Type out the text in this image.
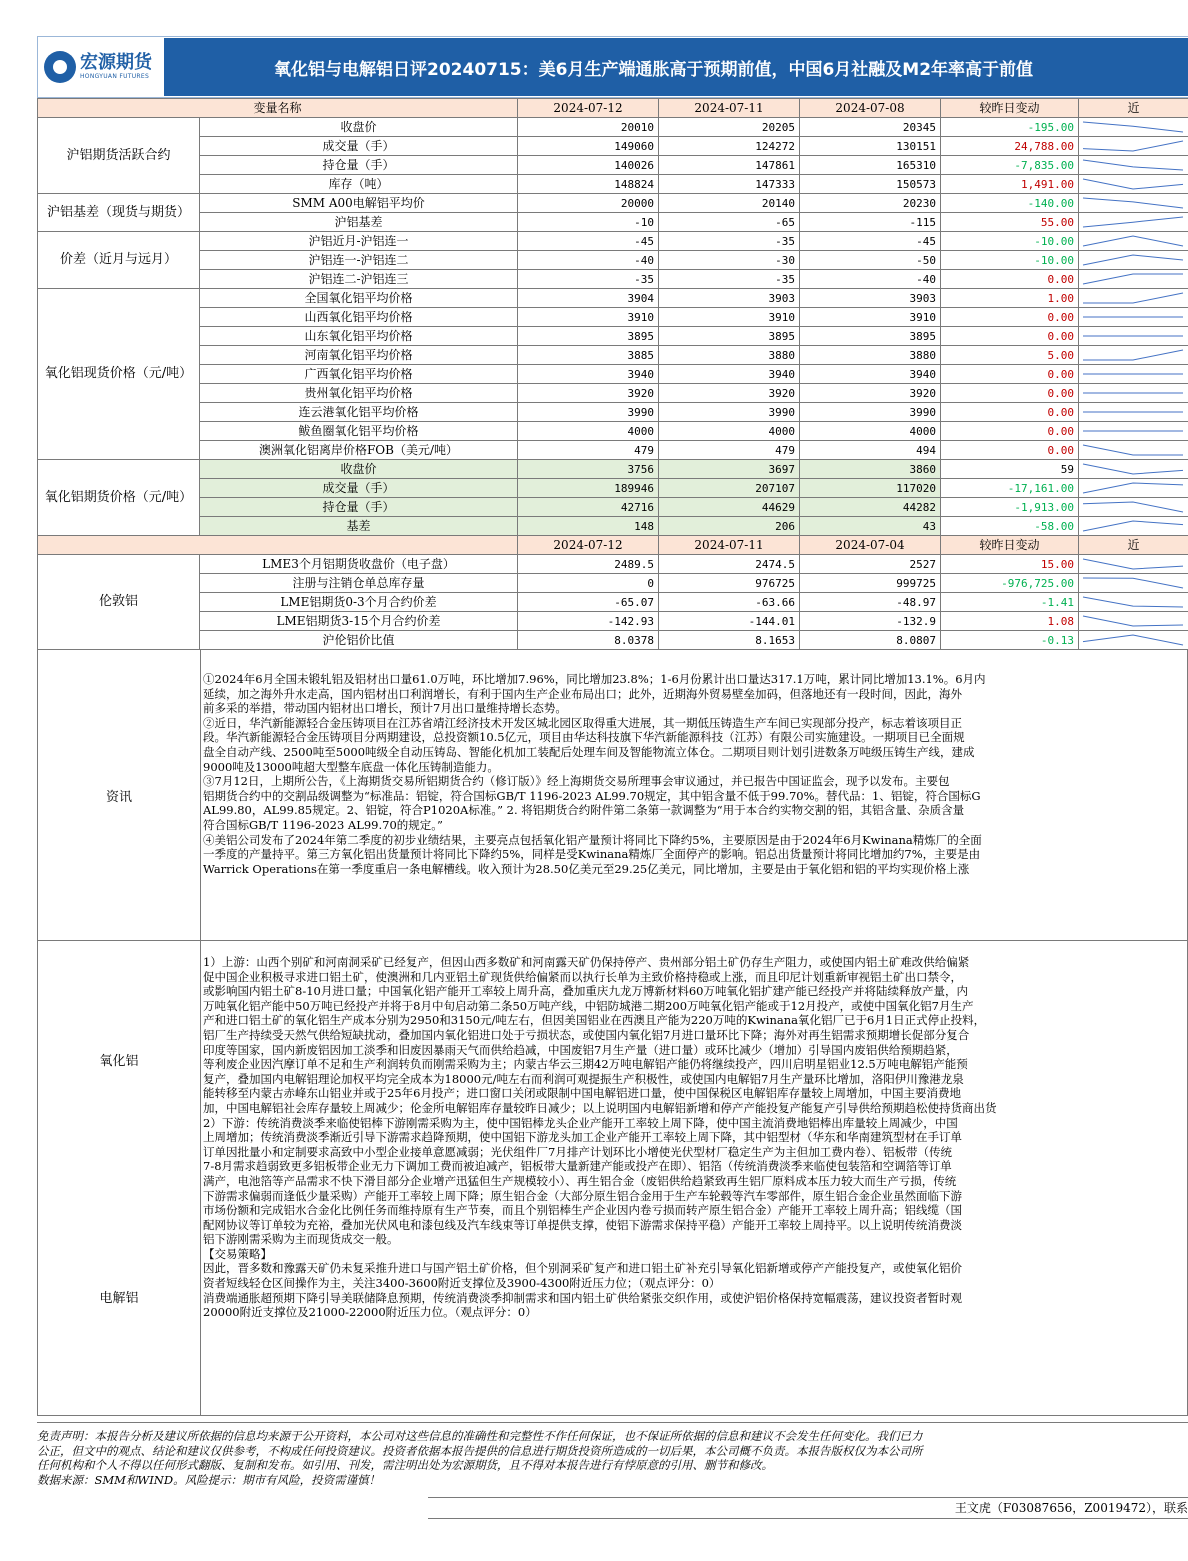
宏源期货
HONGYUAN FUTURES	氧化铝与电解铝日评20240715：美6月生产端通胀高于预期前值，中国6月社融及M2年率高于前值
变量名称		2024-07-12	2024-07-11	2024-07-08	较昨日变动	近
沪铝期货活跃合约	收盘价	20010	20205	20345	-195.00	

	成交量（手）	149060	124272	130151	24,788.00	

	持仓量（手）	140026	147861	165310	-7,835.00	

	库存（吨）	148824	147333	150573	1,491.00	

沪铝基差（现货与期货）	SMM A00电解铝平均价	20000	20140	20230	-140.00	

	沪铝基差	-10	-65	-115	55.00	

价差（近月与远月）	沪铝近月-沪铝连一	-45	-35	-45	-10.00	

	沪铝连一-沪铝连二	-40	-30	-50	-10.00	

	沪铝连二-沪铝连三	-35	-35	-40	0.00	

氧化铝现货价格（元/吨）	全国氧化铝平均价格	3904	3903	3903	1.00	

	山西氧化铝平均价格	3910	3910	3910	0.00	

	山东氧化铝平均价格	3895	3895	3895	0.00	

	河南氧化铝平均价格	3885	3880	3880	5.00	

	广西氧化铝平均价格	3940	3940	3940	0.00	

	贵州氧化铝平均价格	3920	3920	3920	0.00	

	连云港氧化铝平均价格	3990	3990	3990	0.00	

	鲅鱼圈氧化铝平均价格	4000	4000	4000	0.00	

	澳洲氧化铝离岸价格FOB（美元/吨）	479	479	494	0.00	

氧化铝期货价格（元/吨）	收盘价	3756	3697	3860	59	

	成交量（手）	189946	207107	117020	-17,161.00	

	持仓量（手）	42716	44629	44282	-1,913.00	

	基差	148	206	43	-58.00	

		2024-07-12	2024-07-11	2024-07-04	较昨日变动	近
伦敦铝	LME3个月铝期货收盘价（电子盘）	2489.5	2474.5	2527	15.00	

	注册与注销仓单总库存量	0	976725	999725	-976,725.00	

	LME铝期货0-3个月合约价差	-65.07	-63.66	-48.97	-1.41	

	LME铝期货3-15个月合约价差	-142.93	-144.01	-132.9	1.08	

	沪伦铝价比值	8.0378	8.1653	8.0807	-0.13	
资讯

①2024年6月全国未锻轧铝及铝材出口量61.0万吨，环比增加7.96%，同比增加23.8%；1-6月份累计出口量达317.1万吨，累计同比增加13.1%。6月内

延续，加之海外升水走高，国内铝材出口利润增长，有利于国内生产企业布局出口；此外，近期海外贸易壁垒加码，但落地还有一段时间，因此，海外

前多采的举措，带动国内铝材出口增长，预计7月出口量维持增长态势。

②近日，华汽新能源轻合金压铸项目在江苏省靖江经济技术开发区城北园区取得重大进展，其一期低压铸造生产车间已实现部分投产，标志着该项目正

段。华汽新能源轻合金压铸项目分两期建设，总投资额10.5亿元，项目由华达科技旗下华汽新能源科技（江苏）有限公司实施建设。一期项目已全面规

盘全自动产线、2500吨至5000吨级全自动压铸岛、智能化机加工装配后处理车间及智能物流立体仓。二期项目则计划引进数条万吨级压铸生产线，建成

9000吨及13000吨超大型整车底盘一体化压铸制造能力。

③7月12日，上期所公告，《上海期货交易所铝期货合约（修订版）》经上海期货交易所理事会审议通过，并已报告中国证监会，现予以发布。主要包

铝期货合约中的交割品级调整为“标准品：铝锭，符合国标GB/T 1196-2023 AL99.70规定，其中铝含量不低于99.70%。替代品：1、铝锭，符合国标G

AL99.80，AL99.85规定。2、铝锭，符合P1020A标准。” 2. 将铝期货合约附件第二条第一款调整为“用于本合约实物交割的铝，其铝含量、杂质含量

符合国标GB/T 1196-2023 AL99.70的规定。”

④美铝公司发布了2024年第二季度的初步业绩结果，主要亮点包括氧化铝产量预计将同比下降约5%，主要原因是由于2024年6月Kwinana精炼厂的全面

一季度的产量持平。第三方氧化铝出货量预计将同比下降约5%，同样是受Kwinana精炼厂全面停产的影响。铝总出货量预计将同比增加约7%，主要是由

Warrick Operations在第一季度重启一条电解槽线。收入预计为28.50亿美元至29.25亿美元，同比增加，主要是由于氧化铝和铝的平均实现价格上涨

氧化铝
电解铝

1）上游：山西个别矿和河南洞采矿已经复产，但因山西多数矿和河南露天矿仍保持停产、贵州部分铝土矿仍存生产阻力，或使国内铝土矿难改供给偏紧

促中国企业积极寻求进口铝土矿，使澳洲和几内亚铝土矿现货供给偏紧而以执行长单为主致价格持稳或上涨，而且印尼计划重新审视铝土矿出口禁令，

或影响国内铝土矿8-10月进口量；中国氧化铝产能开工率较上周升高，叠加重庆九龙万博新材料60万吨氧化铝扩建产能已经投产并将陆续释放产量，内

万吨氧化铝产能中50万吨已经投产并将于8月中旬启动第二条50万吨产线，中铝防城港二期200万吨氧化铝产能或于12月投产，或使中国氧化铝7月生产

产和进口铝土矿的氧化铝生产成本分别为2950和3150元/吨左右，但因美国铝业在西澳且产能为220万吨的Kwinana氧化铝厂已于6月1日正式停止投料，

铝厂生产持续受天然气供给短缺扰动，叠加国内氧化铝进口处于亏损状态，或使国内氧化铝7月进口量环比下降；海外对再生铝需求预期增长促部分复合

印度等国家，国内新废铝因加工淡季和旧废因暴雨天气而供给趋减，中国废铝7月生产量（进口量）或环比减少（增加）引导国内废铝供给预期趋紧，

等利废企业因汽摩订单不足和生产利润转负而刚需采购为主；内蒙古华云三期42万吨电解铝产能仍将继续投产，四川启明星铝业12.5万吨电解铝产能预

复产，叠加国内电解铝理论加权平均完全成本为18000元/吨左右而利润可观提振生产积极性，或使国内电解铝7月生产量环比增加，洛阳伊川豫港龙泉

能转移至内蒙古赤峰东山铝业并或于25年6月投产；进口窗口关闭或限制中国电解铝进口量，使中国保税区电解铝库存量较上周增加，中国主要消费地

加，中国电解铝社会库存量较上周减少；伦金所电解铝库存量较昨日减少；以上说明国内电解铝新增和停产产能投复产能复产引导供给预期趋松使持货商出货

2）下游：传统消费淡季来临使铝棒下游刚需采购为主，使中国铝棒龙头企业产能开工率较上周下降，使中国主流消费地铝棒出库量较上周减少，中国

上周增加；传统消费淡季渐近引导下游需求趋降预期，使中国铝下游龙头加工企业产能开工率较上周下降，其中铝型材（华东和华南建筑型材在手订单

订单因批量小和定制要求高致中小型企业接单意愿减弱；光伏组件厂7月排产计划环比小增使光伏型材厂稳定生产为主但加工费内卷）、铝板带（传统

7-8月需求趋弱致更多铝板带企业无力下调加工费而被迫减产，铝板带大量新建产能或投产在即）、铝箔（传统消费淡季来临使包装箔和空调箔等订单

满产，电池箔等产品需求不快下滑目部分企业增产迅猛但生产规模较小）、再生铝合金（废铝供给趋紧致再生铝厂原料成本压力较大而生产亏损，传统

下游需求偏弱而逢低少量采购）产能开工率较上周下降；原生铝合金（大部分原生铝合金用于生产车轮毂等汽车零部件，原生铝合金企业虽然面临下游

市场份额和完成铝水合金化比例任务而维持原有生产节奏，而且个别铝棒生产企业因内卷亏损而转产原生铝合金）产能开工率较上周升高；铝线缆（国

配网协议等订单较为充裕，叠加光伏风电和漆包线及汽车线束等订单提供支撑，使铝下游需求保持平稳）产能开工率较上周持平。以上说明传统消费淡

铝下游刚需采购为主而现货成交一般。

【交易策略】

因此，晋多数和豫露天矿仍未复采推升进口与国产铝土矿价格，但个别洞采矿复产和进口铝土矿补充引导氧化铝新增或停产产能投复产，或使氧化铝价

资者短线轻仓区间操作为主，关注3400-3600附近支撑位及3900-4300附近压力位；（观点评分：0）

消费端通胀超预期下降引导美联储降息预期，传统消费淡季抑制需求和国内铝土矿供给紧张交织作用，或使沪铝价格保持宽幅震荡，建议投资者暂时观

20000附近支撑位及21000-22000附近压力位。（观点评分：0）

免责声明：本报告分析及建议所依据的信息均来源于公开资料，本公司对这些信息的准确性和完整性不作任何保证，也不保证所依据的信息和建议不会发生任何变化。我们已力

公正，但文中的观点、结论和建议仅供参考，不构成任何投资建议。投资者依据本报告提供的信息进行期货投资所造成的一切后果，本公司概不负责。本报告版权仅为本公司所

任何机构和个人不得以任何形式翻版、复制和发布。如引用、刊发，需注明出处为宏源期货，且不得对本报告进行有悖原意的引用、删节和修改。

数据来源：SMM和WIND。风险提示：期市有风险，投资需谨慎！

王文虎（F03087656，Z0019472），联系
